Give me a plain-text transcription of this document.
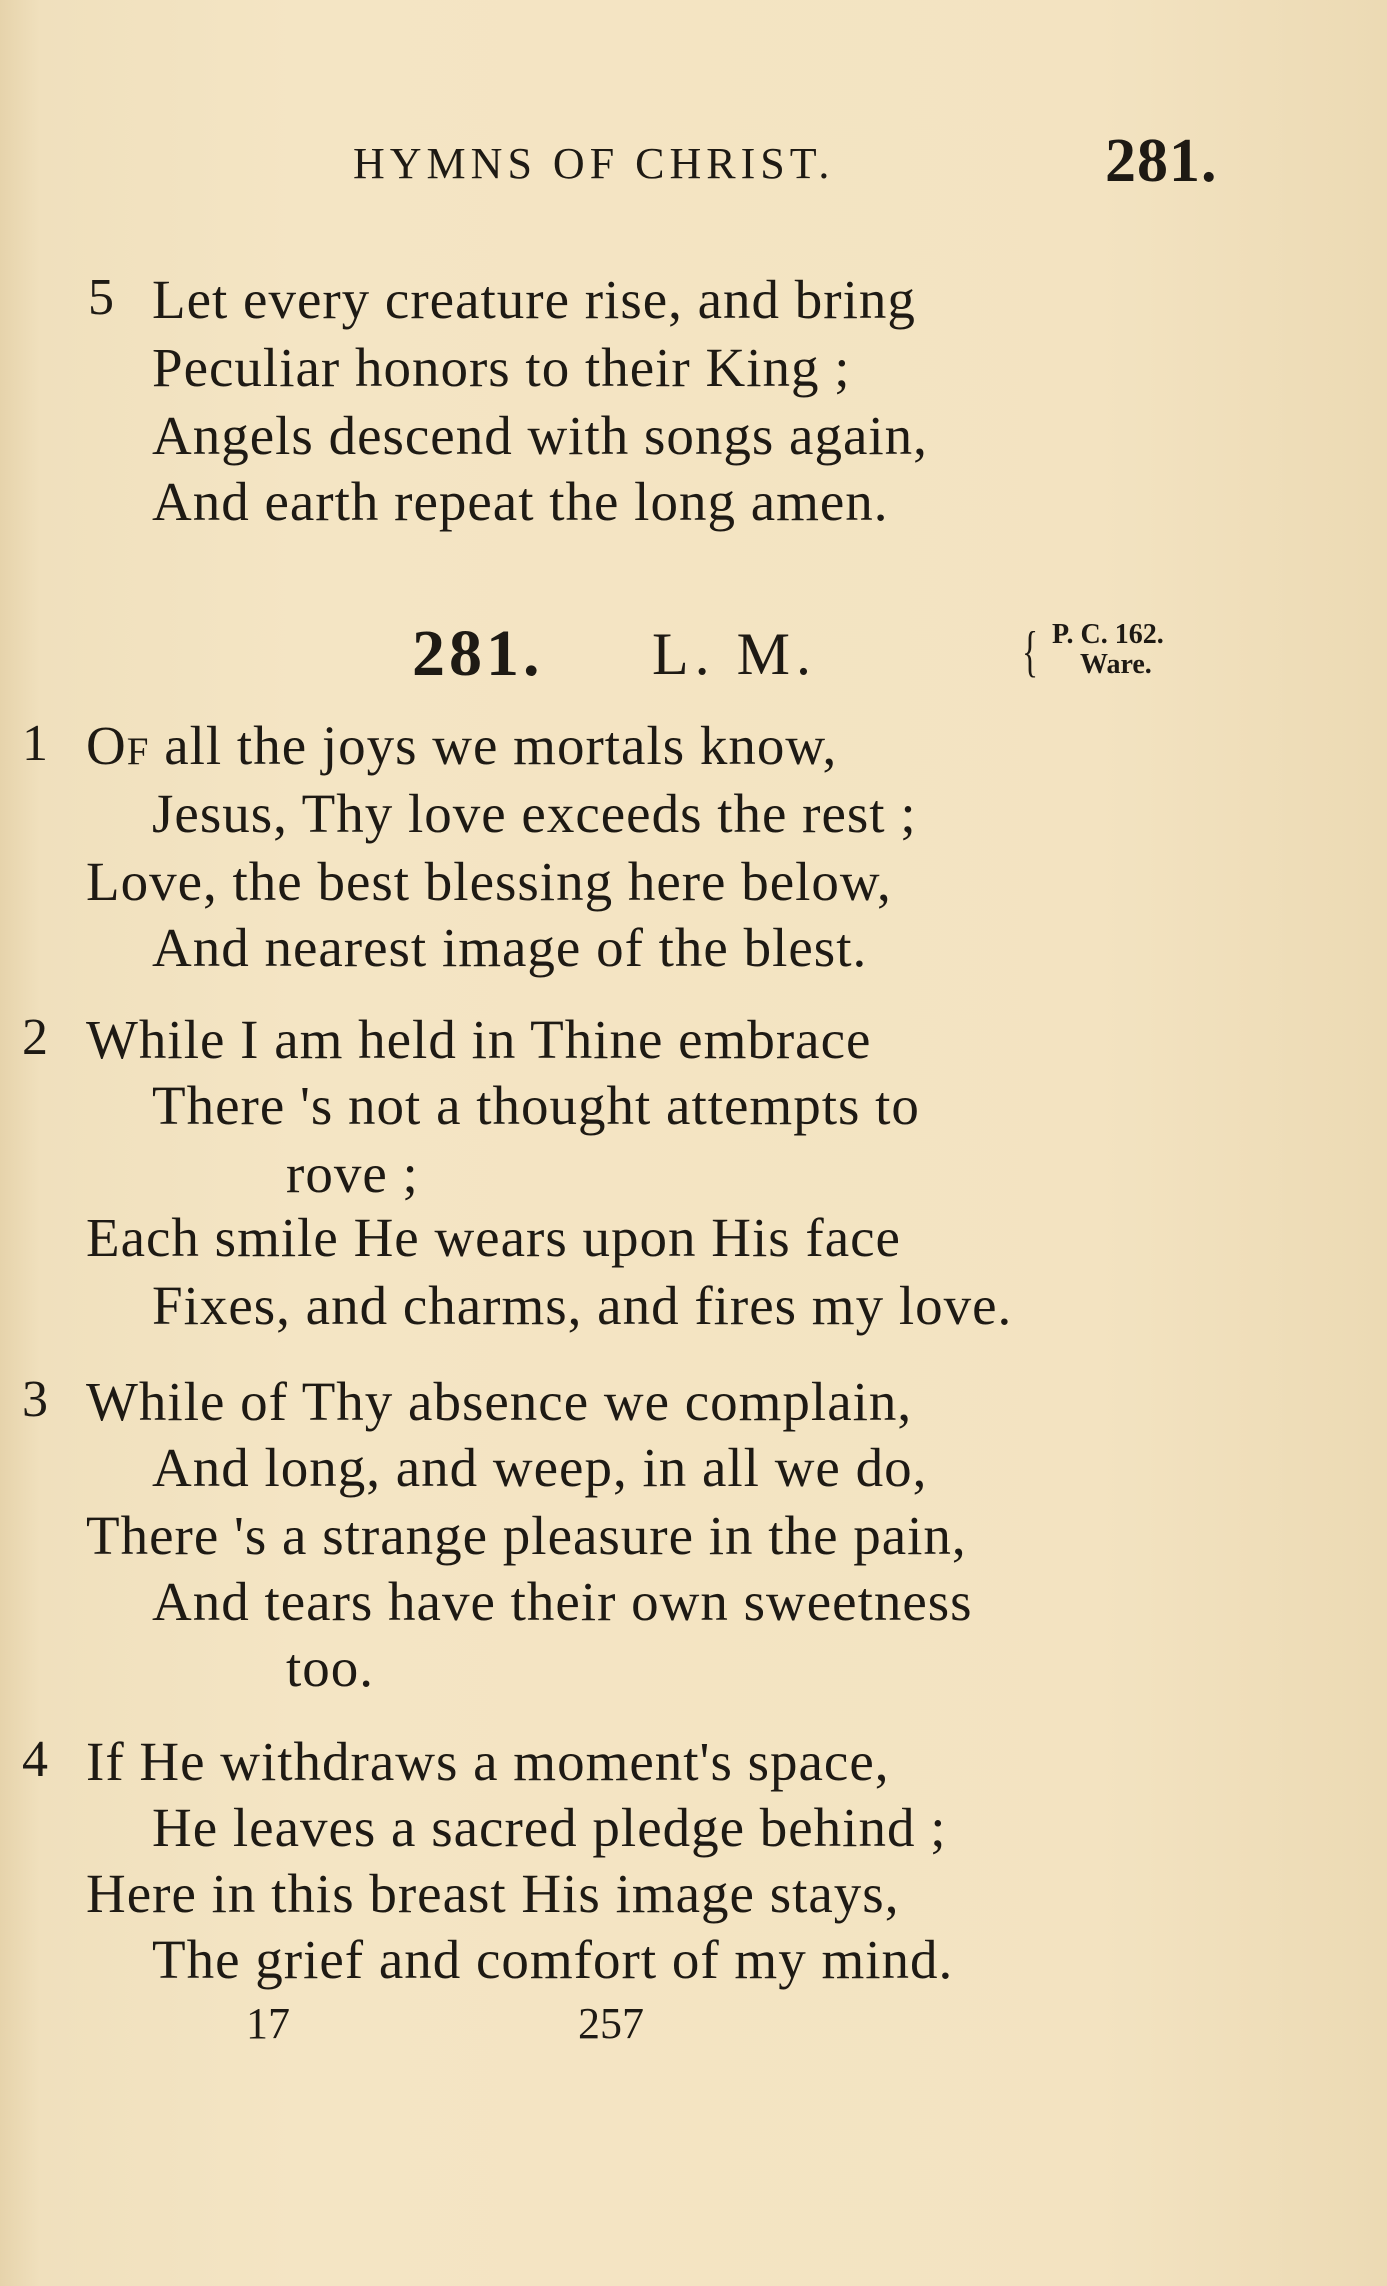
HYMNS OF CHRIST.	281.
5 Let every creature rise, and bring
Peculiar honors to their King ;
Angels descend with songs again,
And earth repeat the long amen.
281. L. M.	{ P. C. 162.
Ware.
1 Of all the joys we mortals know,
Jesus, Thy love exceeds the rest ;
Love, the best blessing here below,
And nearest image of the blest.
2 While I am held in Thine embrace
There 's not a thought attempts to
rove ;
Each smile He wears upon His face
Fixes, and charms, and fires my love.
3 While of Thy absence we complain,
And long, and weep, in all we do,
There 's a strange pleasure in the pain,
And tears have their own sweetness
too.
4 If He withdraws a moment's space,
He leaves a sacred pledge behind ;
Here in this breast His image stays,
The grief and comfort of my mind.
17	257
